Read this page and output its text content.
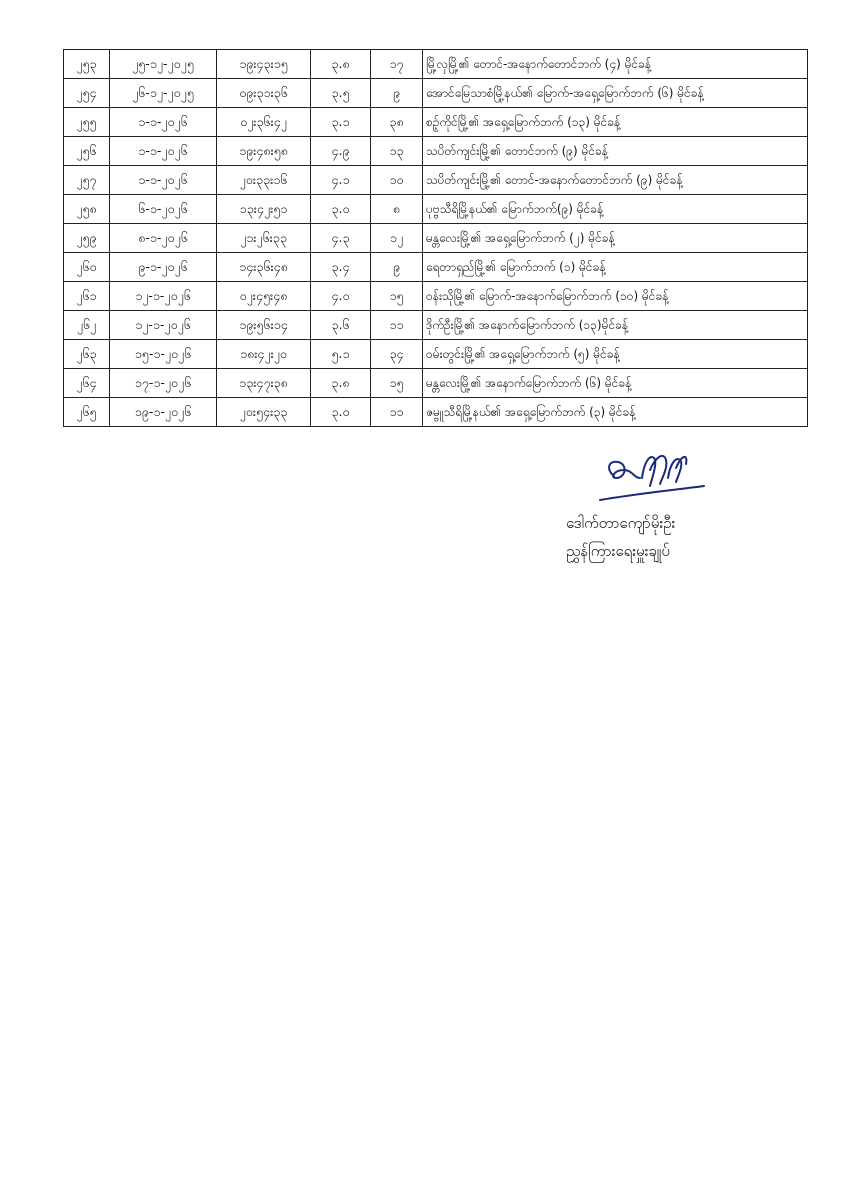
၂၅၃	၂၅-၁၂-၂၀၂၅	၁၉း၄၃း၁၅	၃.၈	၁၇	မြို့လှမြို့၏ တောင်-အနောက်တောင်ဘက် (၄) မိုင်ခန့်
၂၅၄	၂၆-၁၂-၂၀၂၅	၀၉း၃၁း၃၆	၃.၅	၉	အောင်မြေသာစံမြို့နယ်၏ မြောက်-အရှေ့မြောက်ဘက် (၆) မိုင်ခန့်
၂၅၅	၁-၁-၂၀၂၆	၀၂း၃၆း၄၂	၃.၁	၃၈	စဉ့်ကိုင်မြို့၏ အရှေ့မြောက်ဘက် (၁၃) မိုင်ခန့်
၂၅၆	၁-၁-၂၀၂၆	၁၉း၄၈း၅၈	၄.၉	၁၃	သပိတ်ကျင်းမြို့၏ တောင်ဘက် (၉) မိုင်ခန့်
၂၅၇	၁-၁-၂၀၂၆	၂၀း၃၃း၁၆	၄.၁	၁၀	သပိတ်ကျင်းမြို့၏ တောင်-အနောက်တောင်ဘက် (၉) မိုင်ခန့်
၂၅၈	၆-၁-၂၀၂၆	၁၃း၄၂း၅၁	၃.၀	၈	ပုဗ္ဗသီရိမြို့နယ်၏ မြောက်ဘက်(၉) မိုင်ခန့်
၂၅၉	၈-၁-၂၀၂၆	၂၁း၂၆း၃၃	၄.၃	၁၂	မန္တလေးမြို့၏ အရှေ့မြောက်ဘက် (၂) မိုင်ခန့်
၂၆၀	၉-၁-၂၀၂၆	၁၄း၃၆း၄၈	၃.၄	၉	ရေတာရှည်မြို့၏ မြောက်ဘက် (၁) မိုင်ခန့်
၂၆၁	၁၂-၁-၂၀၂၆	၀၂း၄၅း၄၈	၄.၀	၁၅	ဝန်းသိုမြို့၏ မြောက်-အနောက်မြောက်ဘက် (၁၀) မိုင်ခန့်
၂၆၂	၁၂-၁-၂၀၂၆	၁၉း၅၆း၁၄	၃.၆	၁၁	ဒိုက်ဦးမြို့၏ အနောက်မြောက်ဘက် (၁၃)မိုင်ခန့်
၂၆၃	၁၅-၁-၂၀၂၆	၁၈း၄၂း၂၀	၅.၁	၃၄	ဝမ်းတွင်းမြို့၏ အရှေ့မြောက်ဘက် (၅) မိုင်ခန့်
၂၆၄	၁၇-၁-၂၀၂၆	၁၃း၄၇း၃၈	၃.၈	၁၅	မန္တလေးမြို့၏ အနောက်မြောက်ဘက် (၆) မိုင်ခန့်
၂၆၅	၁၉-၁-၂၀၂၆	၂၀း၅၄း၃၃	၃.၀	၁၁	ဇမ္ဗူသီရိမြို့နယ်၏ အရှေ့မြောက်ဘက် (၃) မိုင်ခန့်
ဒေါက်တာကျော်မိုးဦး
ညွှန်ကြားရေးမှူးချုပ်
